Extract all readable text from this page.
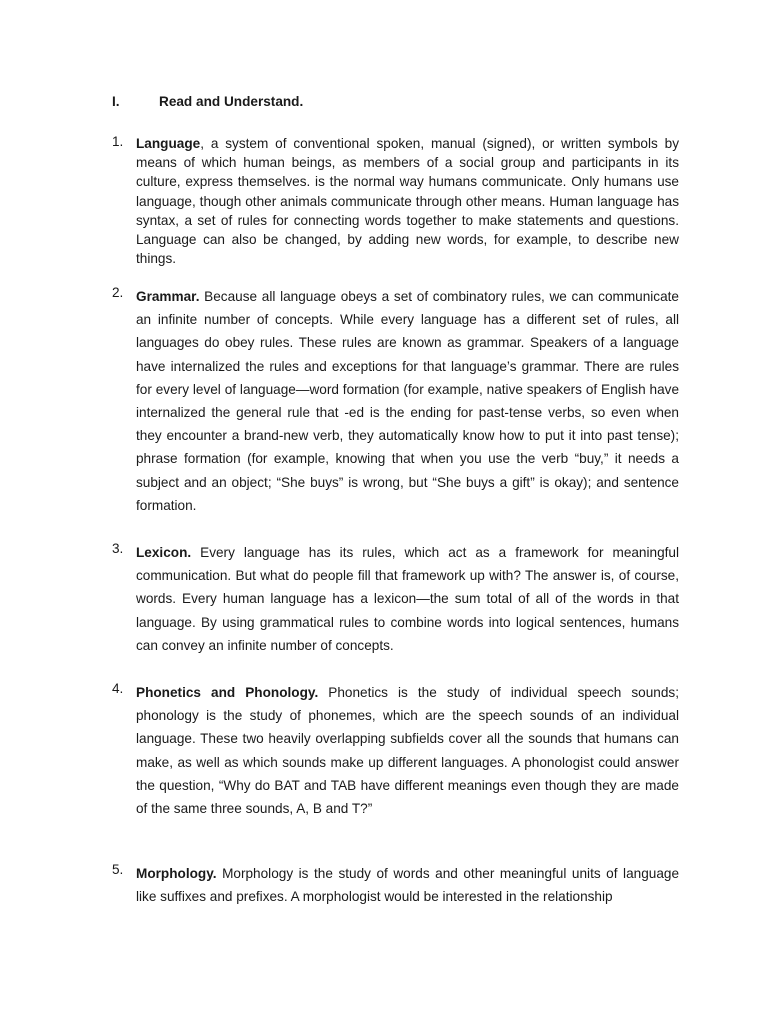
I.	Read and Understand.
1. Language, a system of conventional spoken, manual (signed), or written symbols by means of which human beings, as members of a social group and participants in its culture, express themselves. is the normal way humans communicate. Only humans use language, though other animals communicate through other means. Human language has syntax, a set of rules for connecting words together to make statements and questions. Language can also be changed, by adding new words, for example, to describe new things.
2. Grammar. Because all language obeys a set of combinatory rules, we can communicate an infinite number of concepts. While every language has a different set of rules, all languages do obey rules. These rules are known as grammar. Speakers of a language have internalized the rules and exceptions for that language’s grammar. There are rules for every level of language—word formation (for example, native speakers of English have internalized the general rule that -ed is the ending for past-tense verbs, so even when they encounter a brand-new verb, they automatically know how to put it into past tense); phrase formation (for example, knowing that when you use the verb “buy,” it needs a subject and an object; “She buys” is wrong, but “She buys a gift” is okay); and sentence formation.
3. Lexicon. Every language has its rules, which act as a framework for meaningful communication. But what do people fill that framework up with? The answer is, of course, words. Every human language has a lexicon—the sum total of all of the words in that language. By using grammatical rules to combine words into logical sentences, humans can convey an infinite number of concepts.
4. Phonetics and Phonology. Phonetics is the study of individual speech sounds; phonology is the study of phonemes, which are the speech sounds of an individual language. These two heavily overlapping subfields cover all the sounds that humans can make, as well as which sounds make up different languages. A phonologist could answer the question, “Why do BAT and TAB have different meanings even though they are made of the same three sounds, A, B and T?”
5. Morphology. Morphology is the study of words and other meaningful units of language like suffixes and prefixes. A morphologist would be interested in the relationship
